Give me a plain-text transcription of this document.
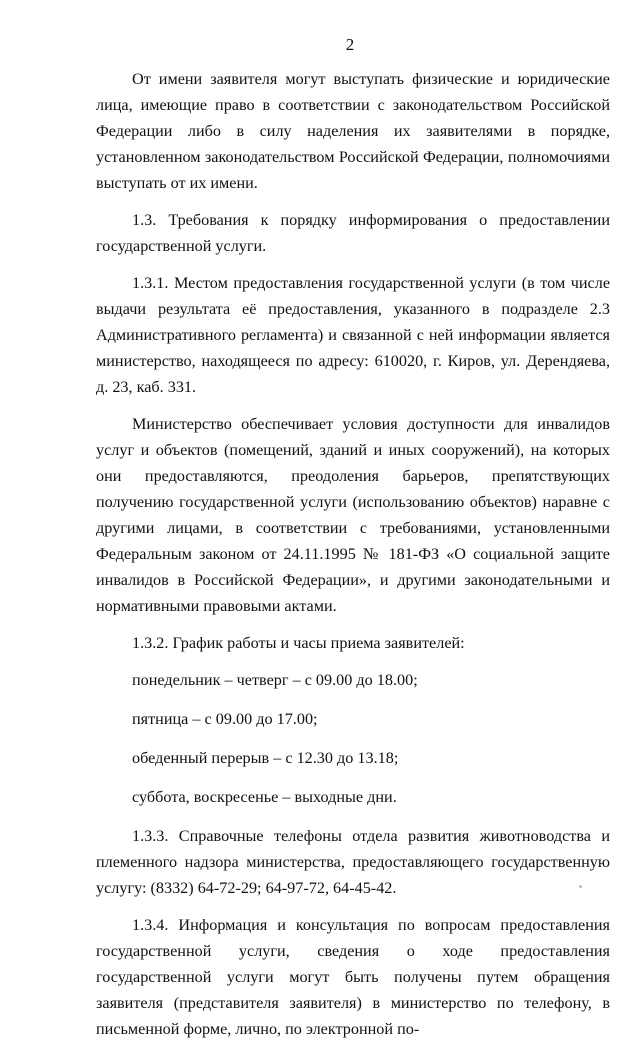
2

От имени заявителя могут выступать физические и юридические лица, имеющие право в соответствии с законодательством Российской Федерации либо в силу наделения их заявителями в порядке, установленном законодательством Российской Федерации, полномочиями выступать от их имени.

1.3. Требования к порядку информирования о предоставлении государственной услуги.

1.3.1. Местом предоставления государственной услуги (в том числе выдачи результата её предоставления, указанного в подразделе 2.3 Административного регламента) и связанной с ней информации является министерство, находящееся по адресу: 610020, г. Киров, ул. Дерендяева, д. 23, каб. 331.

Министерство обеспечивает условия доступности для инвалидов услуг и объектов (помещений, зданий и иных сооружений), на которых они предоставляются, преодоления барьеров, препятствующих получению государственной услуги (использованию объектов) наравне с другими лицами, в соответствии с требованиями, установленными Федеральным законом от 24.11.1995 № 181-ФЗ «О социальной защите инвалидов в Российской Федерации», и другими законодательными и нормативными правовыми актами.

1.3.2. График работы и часы приема заявителей:

понедельник – четверг – с 09.00 до 18.00;
пятница – с 09.00 до 17.00;
обеденный перерыв – с 12.30 до 13.18;
суббота, воскресенье – выходные дни.

1.3.3. Справочные телефоны отдела развития животноводства и племенного надзора министерства, предоставляющего государственную услугу: (8332) 64-72-29; 64-97-72, 64-45-42.

1.3.4. Информация и консультация по вопросам предоставления государственной услуги, сведения о ходе предоставления государственной услуги могут быть получены путем обращения заявителя (представителя заявителя) в министерство по телефону, в письменной форме, лично, по электронной по-
